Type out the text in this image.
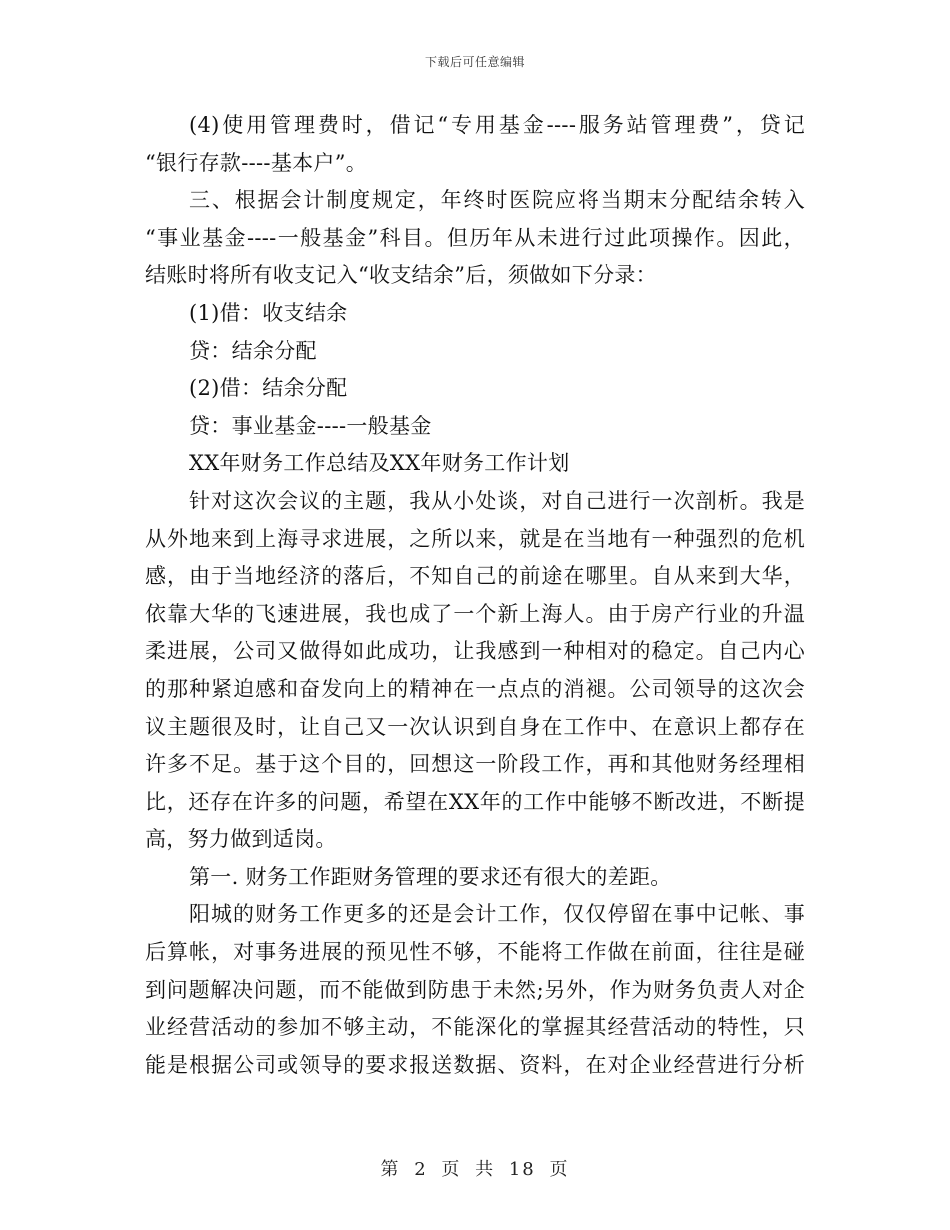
下载后可任意编辑
(4)使用管理费时，借记“专用基金----服务站管理费”，贷记
“银行存款----基本户”。
三、根据会计制度规定，年终时医院应将当期末分配结余转入
“事业基金----一般基金”科目。但历年从未进行过此项操作。因此，
结账时将所有收支记入“收支结余”后，须做如下分录：
(1)借：收支结余
贷：结余分配
(2)借：结余分配
贷：事业基金----一般基金
XX年财务工作总结及XX年财务工作计划
针对这次会议的主题，我从小处谈，对自己进行一次剖析。我是
从外地来到上海寻求进展，之所以来，就是在当地有一种强烈的危机
感，由于当地经济的落后，不知自己的前途在哪里。自从来到大华，
依靠大华的飞速进展，我也成了一个新上海人。由于房产行业的升温
柔进展，公司又做得如此成功，让我感到一种相对的稳定。自己内心
的那种紧迫感和奋发向上的精神在一点点的消褪。公司领导的这次会
议主题很及时，让自己又一次认识到自身在工作中、在意识上都存在
许多不足。基于这个目的，回想这一阶段工作，再和其他财务经理相
比，还存在许多的问题，希望在XX年的工作中能够不断改进，不断提
高，努力做到适岗。
第一. 财务工作距财务管理的要求还有很大的差距。
阳城的财务工作更多的还是会计工作，仅仅停留在事中记帐、事
后算帐，对事务进展的预见性不够，不能将工作做在前面，往往是碰
到问题解决问题，而不能做到防患于未然;另外，作为财务负责人对企
业经营活动的参加不够主动，不能深化的掌握其经营活动的特性，只
能是根据公司或领导的要求报送数据、资料，在对企业经营进行分析
第 2 页 共 18 页
